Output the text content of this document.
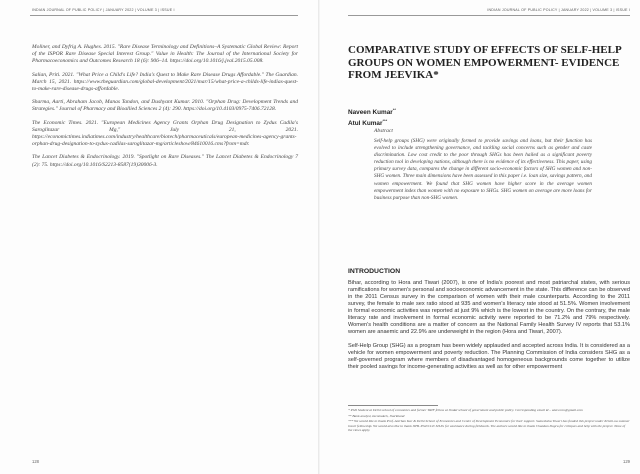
INDIAN JOURNAL OF PUBLIC POLICY | JANUARY 2022 | VOLUME 3 | ISSUE I

Moliner, and Dyfrig A. Hughes. 2015. "Rare Disease Terminology and Definitions–A Systematic Global Review: Report of the ISPOR Rare Disease Special Interest Group." Value in Health: The Journal of the International Society for Pharmacoeconomics and Outcomes Research 18 (6): 906–14. https://doi.org/10.1016/j.jval.2015.05.008.

Salian, Priti. 2021. "What Price a Child's Life? India's Quest to Make Rare Disease Drugs Affordable." The Guardian. March 15, 2021. https://www.theguardian.com/global-development/2021/mar/15/what-price-a-childs-life-indias-quest-to-make-rare-disease-drugs-affordable.

Sharma, Aarti, Abraham Jacob, Manas Tandon, and Dushyant Kumar. 2010. "Orphan Drug: Development Trends and Strategies." Journal of Pharmacy and Bioallied Sciences 2 (4): 290. https://doi.org/10.4103/0975-7406.72128.

The Economic Times. 2021. "European Medicines Agency Grants Orphan Drug Designation to Zydus Cadila's Saroglitazar Mg," July 21, 2021. https://economictimes.indiatimes.com/industry/healthcare/biotech/pharmaceuticals/european-medicines-agency-grants-orphan-drug-designation-to-zydus-cadilas-saroglitazar-mg/articleshow/84610016.cms?from=mdr.

The Lancet Diabetes & Endocrinology. 2019. "Spotlight on Rare Diseases." The Lancet Diabetes & Endocrinology 7 (2): 75. https://doi.org/10.1016/S2213-8587(19)30006-3.

128
INDIAN JOURNAL OF PUBLIC POLICY | JANUARY 2022 | VOLUME 3 | ISSUE I
COMPARATIVE STUDY OF EFFECTS OF SELF-HELP GROUPS ON WOMEN EMPOWERMENT- EVIDENCE FROM JEEVIKA*
Naveen Kumar**
Atul Kumar***
Abstract
Self-help groups (SHG) were originally formed to provide savings and loans, but their function has evolved to include strengthening governance, and tackling social concerns such as gender and caste discrimination. Low cost credit to the poor through SHGs has been hailed as a significant poverty reduction tool in developing nations, although there is no evidence of its effectiveness. This paper, using primary survey data, compares the change in different socio-economic factors of SHG women and non-SHG women. Three main dimensions have been assessed in this paper i.e. loan size, savings pattern, and women empowerment. We found that SHG women have higher score in the average women empowerment index than women with no exposure to SHGs. SHG women on average are more loans for business purpose than non-SHG women.
INTRODUCTION

Bihar, according to Hora and Tiwari (2007), is one of India's poorest and most patriarchal states, with serious ramifications for women's personal and socioeconomic advancement in the state. This difference can be observed in the 2011 Census survey in the comparison of women with their male counterparts. According to the 2011 survey, the female to male sex ratio stood at 935 and women's literacy rate stood at 51.5%. Women involvement in formal economic activities was reported at just 9% which is the lowest in the country. On the contrary, the male literacy rate and involvement in formal economic activity were reported to be 71.2% and 79% respectively. Women's health conditions are a matter of concern as the National Family Health Survey IV reports that 53.1% women are anaemic and 22.9% are underweight in the region (Hora and Tiwari, 2007).

Self-Help Group (SHG) as a program has been widely applauded and accepted across India. It is considered as a vehicle for women empowerment and poverty reduction. The Planning Commission of India considers SHG as a self-governed program where members of disadvantaged homogeneous backgrounds come together to utilize their pooled savings for income-generating activities as well as for other empowerment

* PhD Student at Delhi school of economics and former TRIF fellow at Jindal school of government and public policy. Corresponding email id – atul.econ@gmail.com

** Bank analyst, Iacomakeh, Jharkhand

*** We would like to thank Prof. Anirban Kar & Delhi School of Economics and Centre of Development Economics for their support. Sameeksha Tiwari has funded this project under Krishi-na summer travel fellowship. We would also like to thank JIHL PGP.J.I.P. SILIG for assistance during fieldwork. The authors would like to thank Chandan Dogra for critiques and help with the project. None of the views apply.

129
